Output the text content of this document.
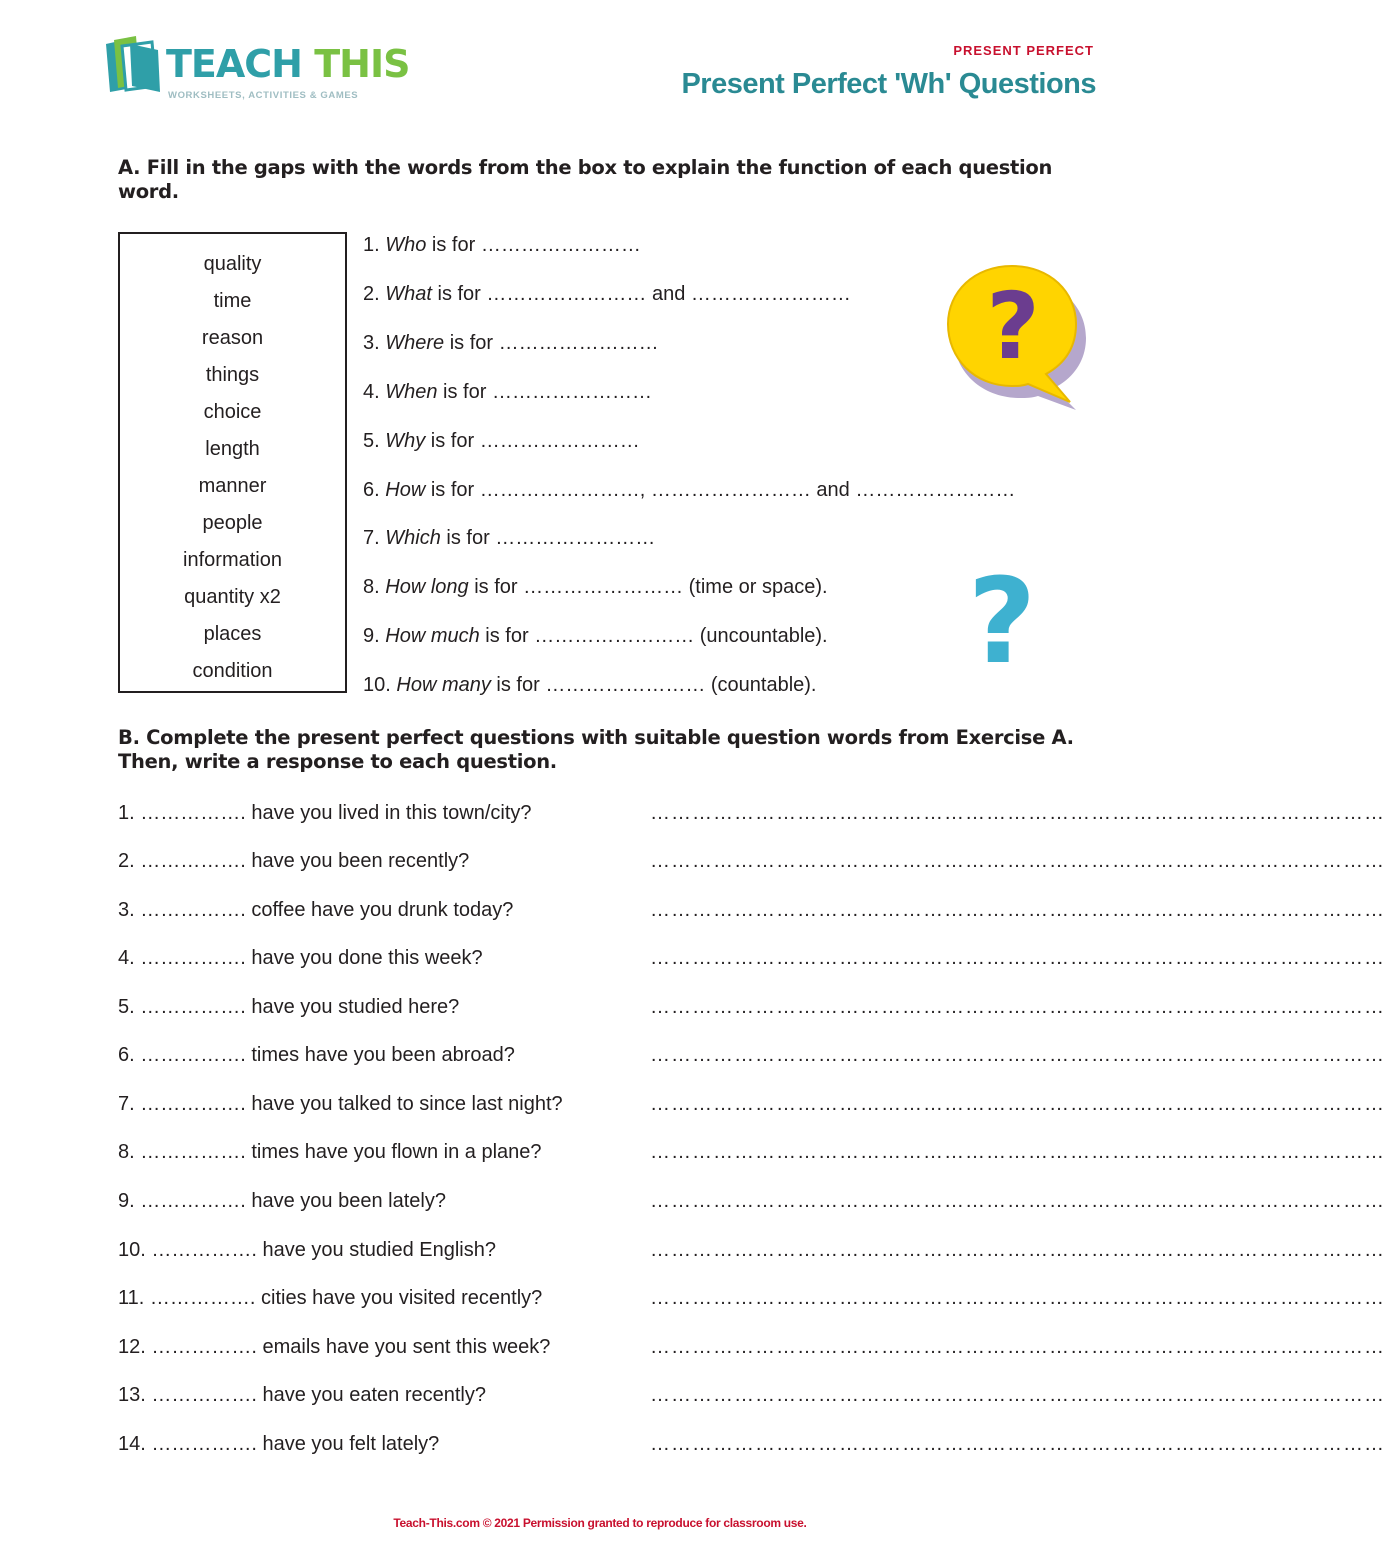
TEACH THIS
WORKSHEETS, ACTIVITIES & GAMES
PRESENT PERFECT
Present Perfect 'Wh' Questions
A. Fill in the gaps with the words from the box to explain the function of each question word.
quality
time
reason
things
choice
length
manner
people
information
quantity x2
places
condition
1. Who is for ……………………
2. What is for …………………… and ……………………
3. Where is for ……………………
4. When is for ……………………
5. Why is for ……………………
6. How is for ……………………, …………………… and ……………………
7. Which is for ……………………
8. How long is for …………………… (time or space).
9. How much is for …………………… (uncountable).
10. How many is for …………………… (countable).
?
?
B. Complete the present perfect questions with suitable question words from Exercise A. Then, write a response to each question.
1. ……………. have you lived in this town/city?	……………………………………………………………………………………………
2. ……………. have you been recently?	……………………………………………………………………………………………
3. ……………. coffee have you drunk today?	……………………………………………………………………………………………
4. ……………. have you done this week?	……………………………………………………………………………………………
5. ……………. have you studied here?	……………………………………………………………………………………………
6. ……………. times have you been abroad?	……………………………………………………………………………………………
7. ……………. have you talked to since last night?	……………………………………………………………………………………………
8. ……………. times have you flown in a plane?	……………………………………………………………………………………………
9. ……………. have you been lately?	……………………………………………………………………………………………
10. ……………. have you studied English?	……………………………………………………………………………………………
11. ……………. cities have you visited recently?	……………………………………………………………………………………………
12. ……………. emails have you sent this week?	……………………………………………………………………………………………
13. ……………. have you eaten recently?	……………………………………………………………………………………………
14. ……………. have you felt lately?	……………………………………………………………………………………………
Teach-This.com © 2021 Permission granted to reproduce for classroom use.
